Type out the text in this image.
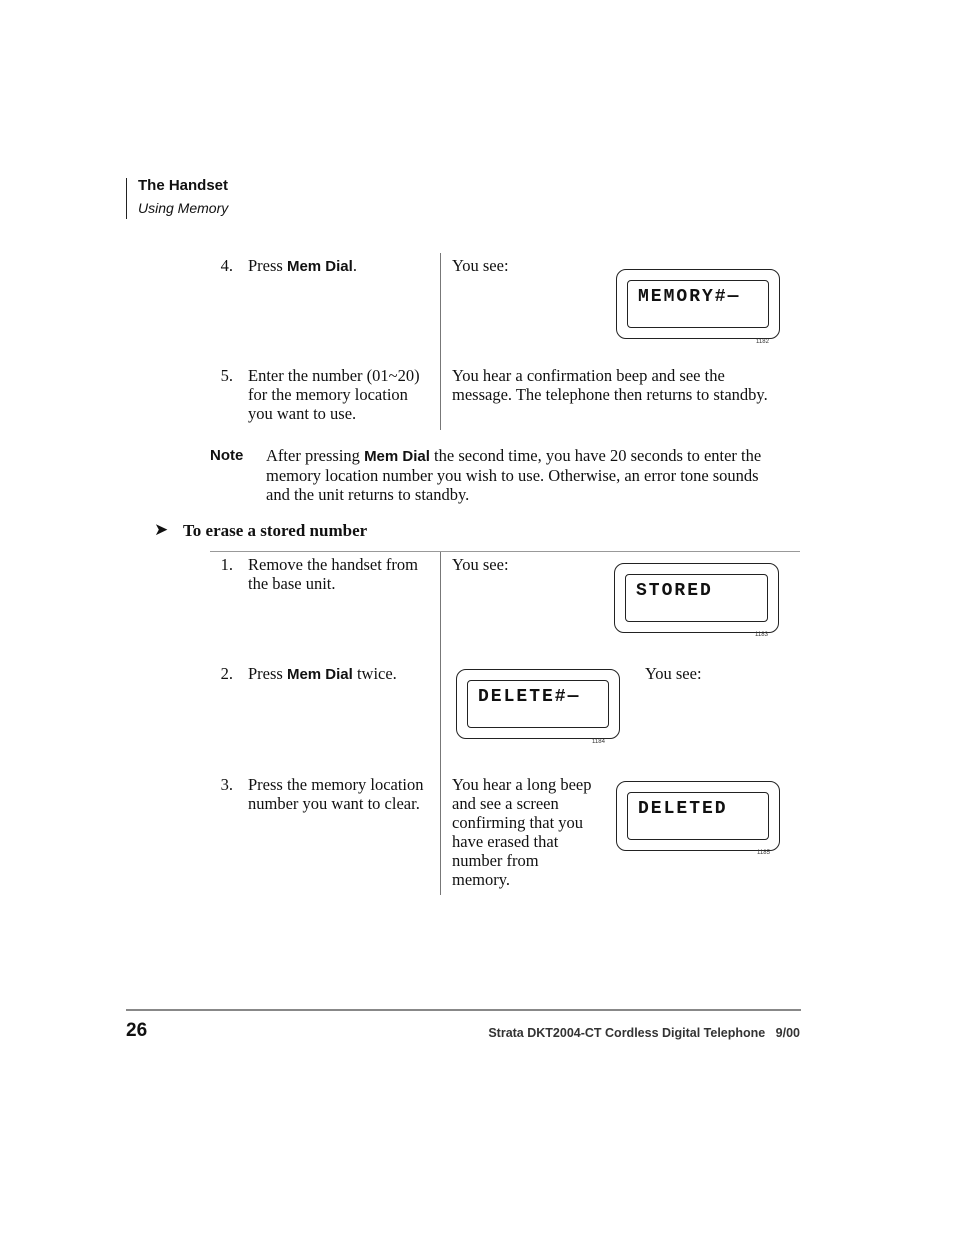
The Handset
Using Memory
4. Press Mem Dial.	You see:
MEMORY#—
1182
5. Enter the number (01~20)
for the memory location
you want to use.
You hear a confirmation beep and see the
message. The telephone then returns to standby.
Note After pressing Mem Dial the second time, you have 20 seconds to enter the
memory location number you wish to use. Otherwise, an error tone sounds
and the unit returns to standby.
➤ To erase a stored number
1. Remove the handset from
the base unit.
You see:
STORED
1183
2. Press Mem Dial twice.
DELETE#—
1184
You see:
3. Press the memory location
number you want to clear.
You hear a long beep
and see a screen
confirming that you
have erased that
number from
memory.
DELETED
1185
26	Strata DKT2004-CT Cordless Digital Telephone   9/00
